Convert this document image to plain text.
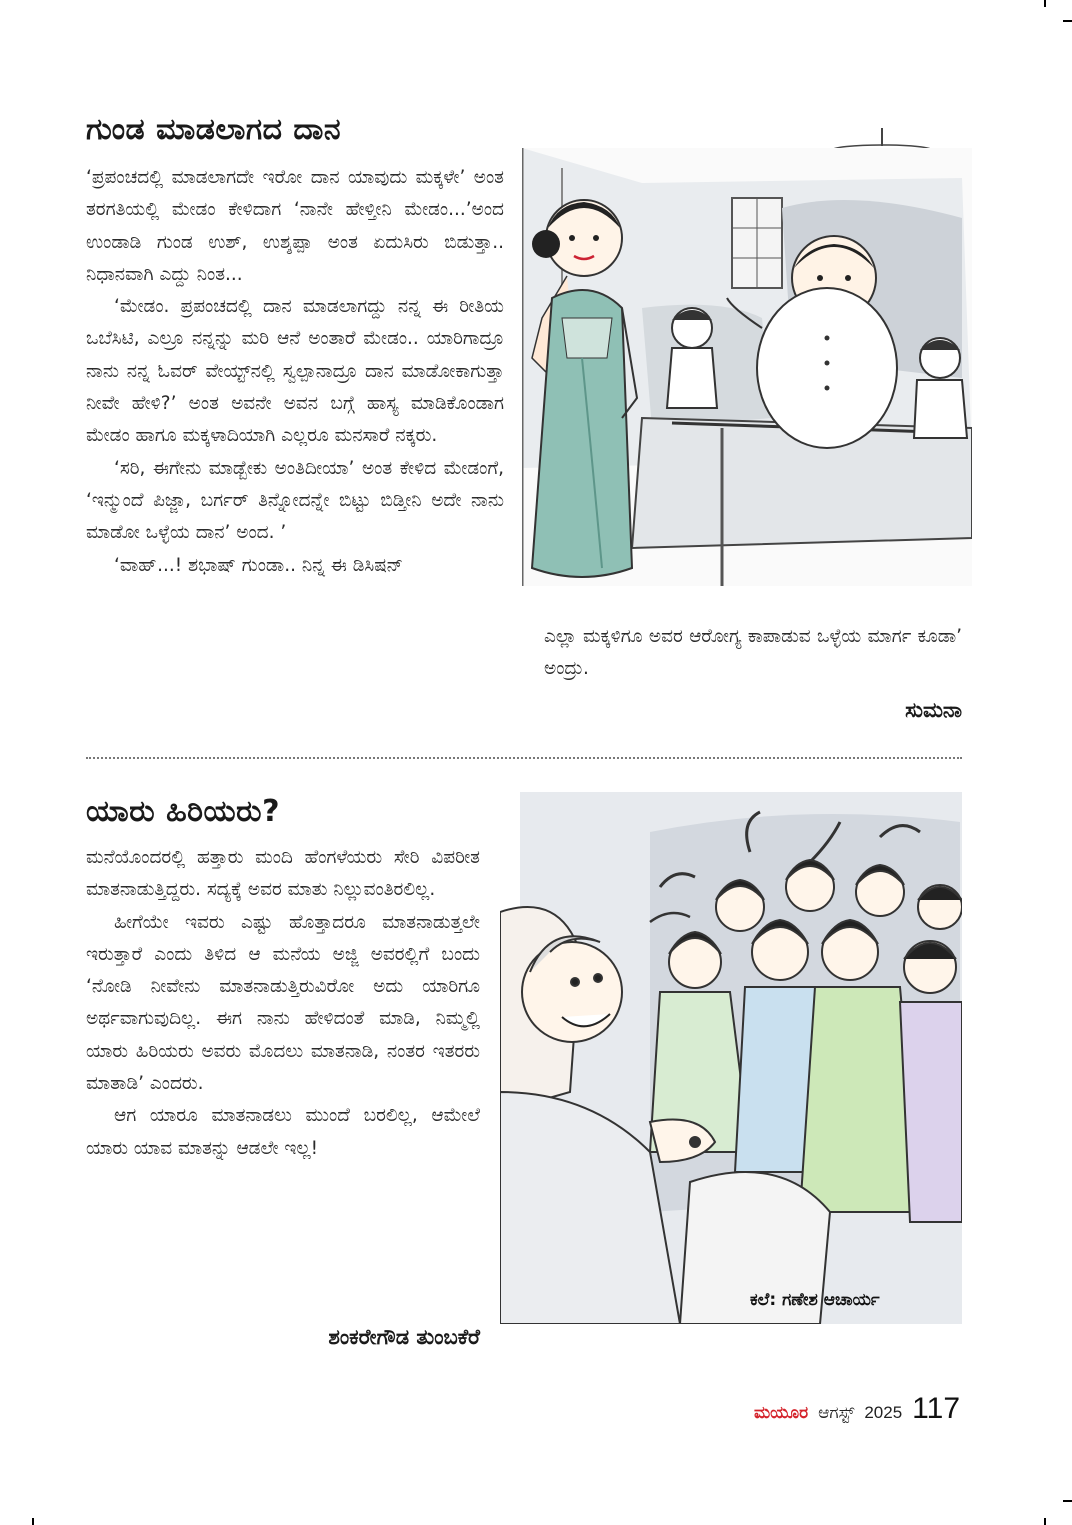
ಗುಂಡ ಮಾಡಲಾಗದ ದಾನ

‘ಪ್ರಪಂಚದಲ್ಲಿ ಮಾಡಲಾಗದೇ ಇರೋ ದಾನ ಯಾವುದು ಮಕ್ಕಳೇ’ ಅಂತ ತರಗತಿಯಲ್ಲಿ ಮೇಡಂ ಕೇಳಿದಾಗ ‘ನಾನೇ ಹೇಳ್ತೀನಿ ಮೇಡಂ...’ಅಂದ ಉಂಡಾಡಿ ಗುಂಡ ಉಶ್, ಉಶ್ಶಪ್ಪಾ ಅಂತ ಏದುಸಿರು ಬಿಡುತ್ತಾ.. ನಿಧಾನವಾಗಿ ಎದ್ದು ನಿಂತ...

‘ಮೇಡಂ. ಪ್ರಪಂಚದಲ್ಲಿ ದಾನ ಮಾಡಲಾಗದ್ದು ನನ್ನ ಈ ರೀತಿಯ ಒಬೆಸಿಟಿ, ಎಲ್ರೂ ನನ್ನನ್ನು ಮರಿ ಆನೆ ಅಂತಾರೆ ಮೇಡಂ.. ಯಾರಿಗಾದ್ರೂ ನಾನು ನನ್ನ ಓವರ್ ವೇಯ್ಟ್‌ನಲ್ಲಿ ಸ್ವಲ್ಪಾನಾದ್ರೂ ದಾನ ಮಾಡೋಕಾಗುತ್ತಾ ನೀವೇ ಹೇಳಿ?’ ಅಂತ ಅವನೇ ಅವನ ಬಗ್ಗೆ ಹಾಸ್ಯ ಮಾಡಿಕೊಂಡಾಗ ಮೇಡಂ ಹಾಗೂ ಮಕ್ಕಳಾದಿಯಾಗಿ ಎಲ್ಲರೂ ಮನಸಾರೆ ನಕ್ಕರು.

‘ಸರಿ, ಈಗೇನು ಮಾಡ್ಬೇಕು ಅಂತಿದೀಯಾ’ ಅಂತ ಕೇಳಿದ ಮೇಡಂಗೆ, ‘ಇನ್ಮುಂದೆ ಪಿಜ್ಜಾ, ಬರ್ಗರ್ ತಿನ್ನೋದನ್ನೇ ಬಿಟ್ಟು ಬಿಡ್ತೀನಿ ಅದೇ ನಾನು ಮಾಡೋ ಒಳ್ಳೆಯ ದಾನ’ ಅಂದ. ’

‘ವಾಹ್...! ಶಭಾಷ್ ಗುಂಡಾ.. ನಿನ್ನ ಈ ಡಿಸಿಷನ್

ಎಲ್ಲಾ ಮಕ್ಕಳಿಗೂ ಅವರ ಆರೋಗ್ಯ ಕಾಪಾಡುವ ಒಳ್ಳೆಯ ಮಾರ್ಗ ಕೂಡಾ’ ಅಂದ್ರು.
ಸುಮನಾ
ಯಾರು ಹಿರಿಯರು?

ಮನೆಯೊಂದರಲ್ಲಿ ಹತ್ತಾರು ಮಂದಿ ಹೆಂಗಳೆಯರು ಸೇರಿ ವಿಪರೀತ ಮಾತನಾಡುತ್ತಿದ್ದರು. ಸದ್ಯಕ್ಕೆ ಅವರ ಮಾತು ನಿಲ್ಲುವಂತಿರಲಿಲ್ಲ.

ಹೀಗೆಯೇ ಇವರು ಎಷ್ಟು ಹೊತ್ತಾದರೂ ಮಾತನಾಡುತ್ತಲೇ ಇರುತ್ತಾರೆ ಎಂದು ತಿಳಿದ ಆ ಮನೆಯ ಅಜ್ಜಿ ಅವರಲ್ಲಿಗೆ ಬಂದು ‘ನೋಡಿ ನೀವೇನು ಮಾತನಾಡುತ್ತಿರುವಿರೋ ಅದು ಯಾರಿಗೂ ಅರ್ಥವಾಗುವುದಿಲ್ಲ. ಈಗ ನಾನು ಹೇಳಿದಂತೆ ಮಾಡಿ, ನಿಮ್ಮಲ್ಲಿ ಯಾರು ಹಿರಿಯರು ಅವರು ಮೊದಲು ಮಾತನಾಡಿ, ನಂತರ ಇತರರು ಮಾತಾಡಿ’ ಎಂದರು.

ಆಗ ಯಾರೂ ಮಾತನಾಡಲು ಮುಂದೆ ಬರಲಿಲ್ಲ, ಆಮೇಲೆ ಯಾರು ಯಾವ ಮಾತನ್ನು ಆಡಲೇ ಇಲ್ಲ!

ಶಂಕರೇಗೌಡ ತುಂಬಕೆರೆ
ಕಲೆ: ಗಣೇಶ ಆಚಾರ್ಯ
ಮಯೂರ ಆಗಸ್ಟ್ 2025 117
